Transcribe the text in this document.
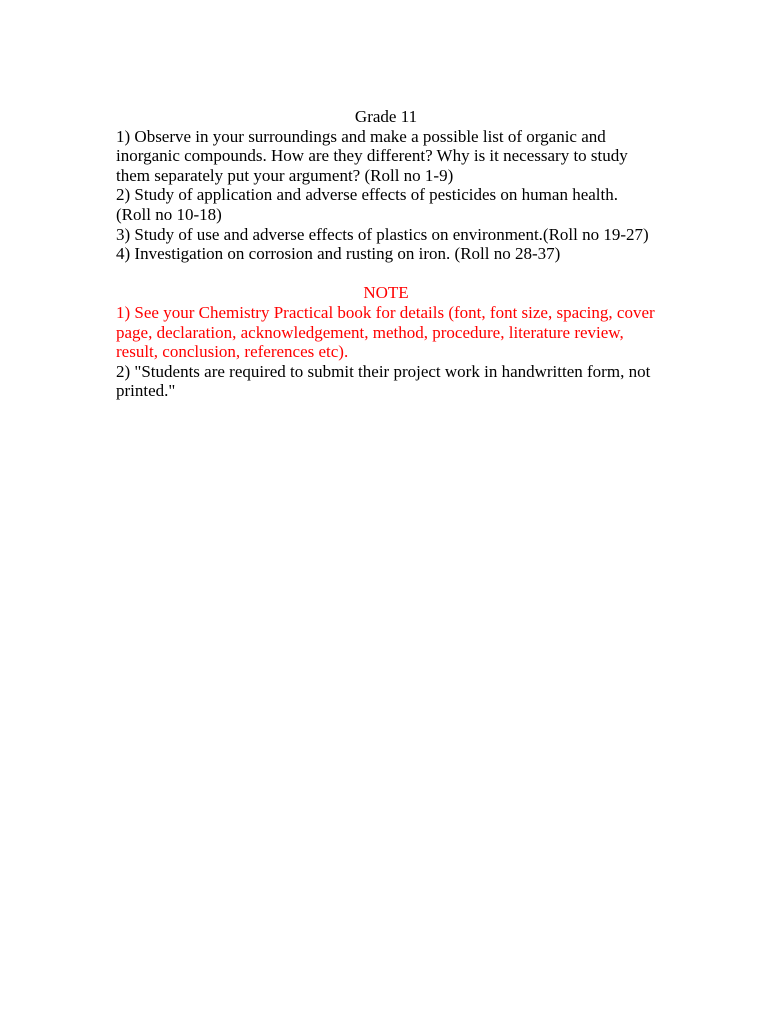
Grade 11

1) Observe in your surroundings and make a possible list of organic and inorganic compounds. How are they different? Why is it necessary to study them separately put your argument? (Roll no 1-9)

2) Study of application and adverse effects of pesticides on human health. (Roll no 10-18)

3) Study of use and adverse effects of plastics on environment.(Roll no 19-27)

4) Investigation on corrosion and rusting on iron. (Roll no 28-37)

NOTE

1) See your Chemistry Practical book for details (font, font size, spacing, cover page, declaration, acknowledgement, method, procedure, literature review, result, conclusion, references etc).

2) "Students are required to submit their project work in handwritten form, not printed."
